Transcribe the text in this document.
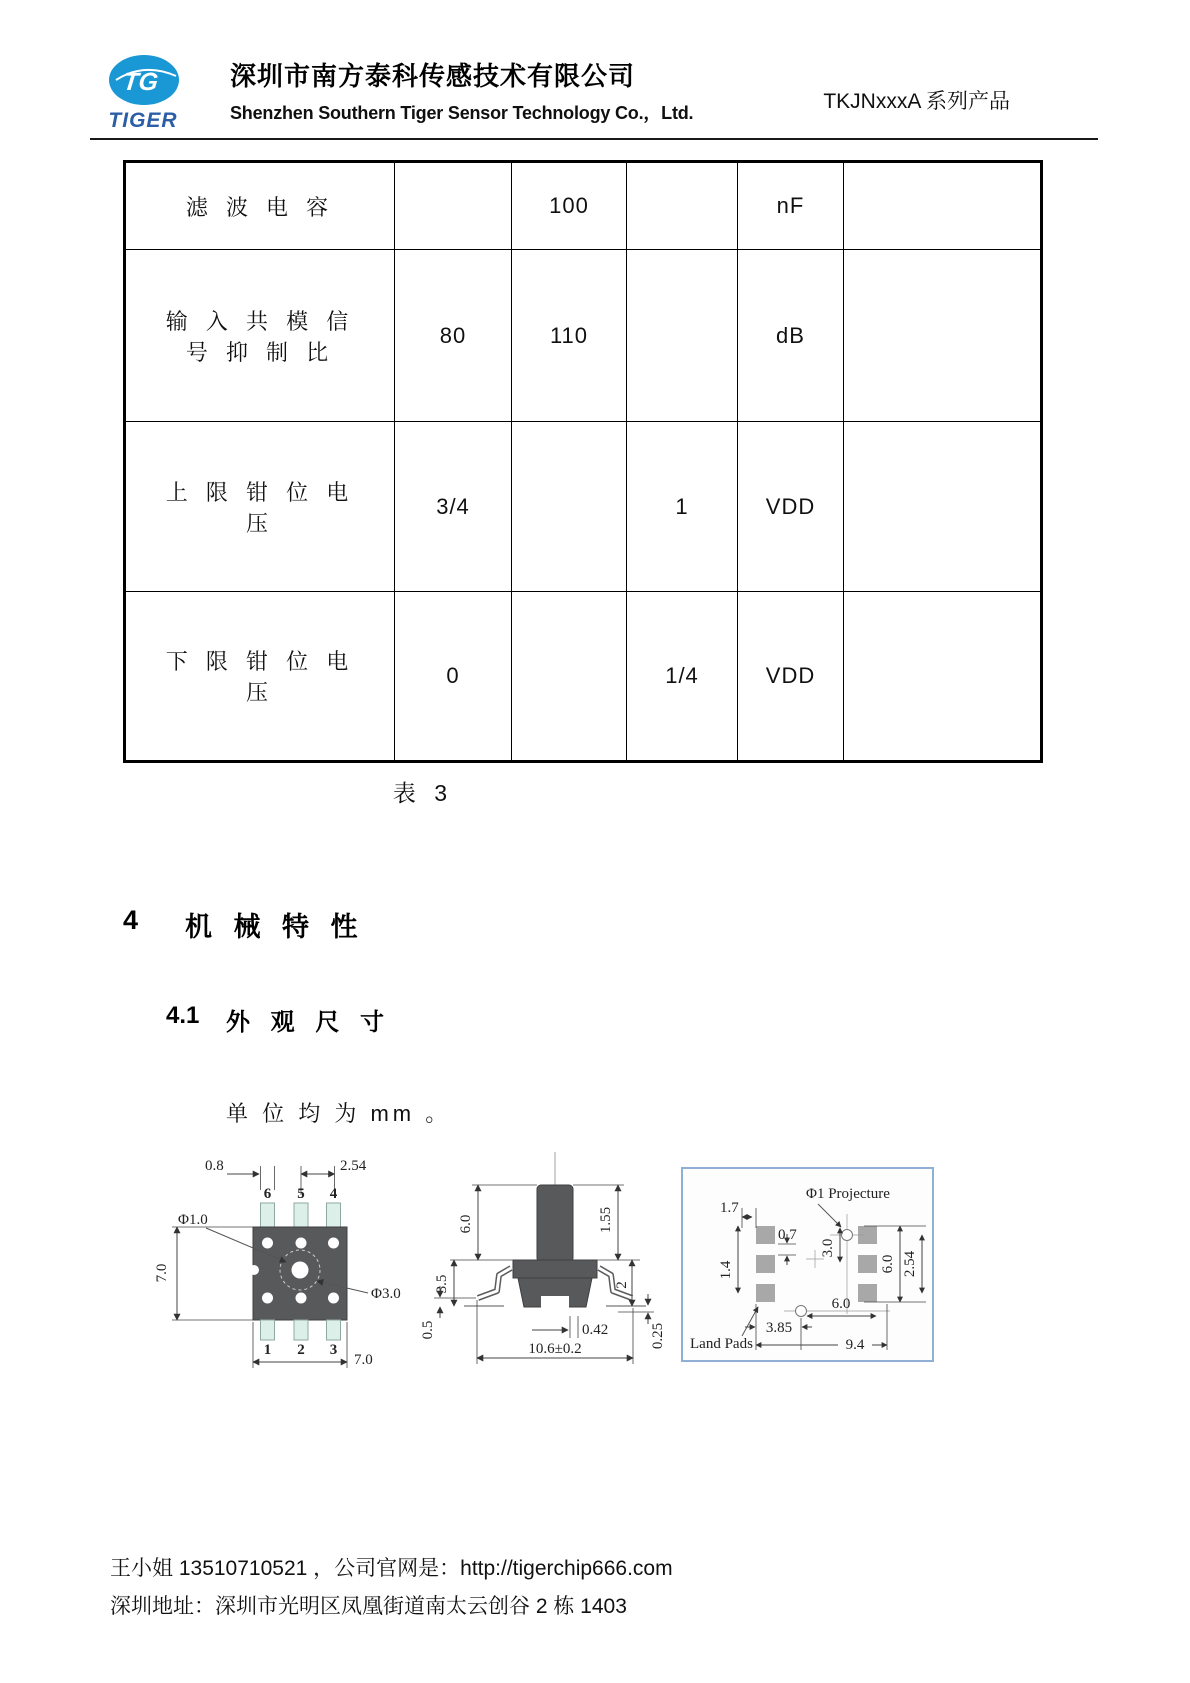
TG
TIGER
深圳市南方泰科传感技术有限公司
Shenzhen Southern Tiger Sensor Technology Co.，Ltd.	TKJNxxxA 系列产品
滤 波 电 容		100		nF	

输 入 共 模 信
号 抑 制 比	80	110		dB	

上 限 钳 位 电
压	3/4		1	VDD	

下 限 钳 位 电
压	0		1/4	VDD	
表 3
4	机 械 特 性
4.1	外 观 尺 寸
单 位 均 为 mm 。
0.8	2.54
6 5 4
Φ1.0
Φ3.0
7.0
1 2 3
7.0
6.0
3.5
0.5
1.55
2
0.25
0.42
10.6±0.2
Φ1 Projecture
1.7
1.4
0.7
3.0
6.0 2.54
6.0
3.85
9.4
Land Pads
王小姐 13510710521 ，公司官网是：http://tigerchip666.com
深圳地址：深圳市光明区凤凰街道南太云创谷 2 栋 1403
